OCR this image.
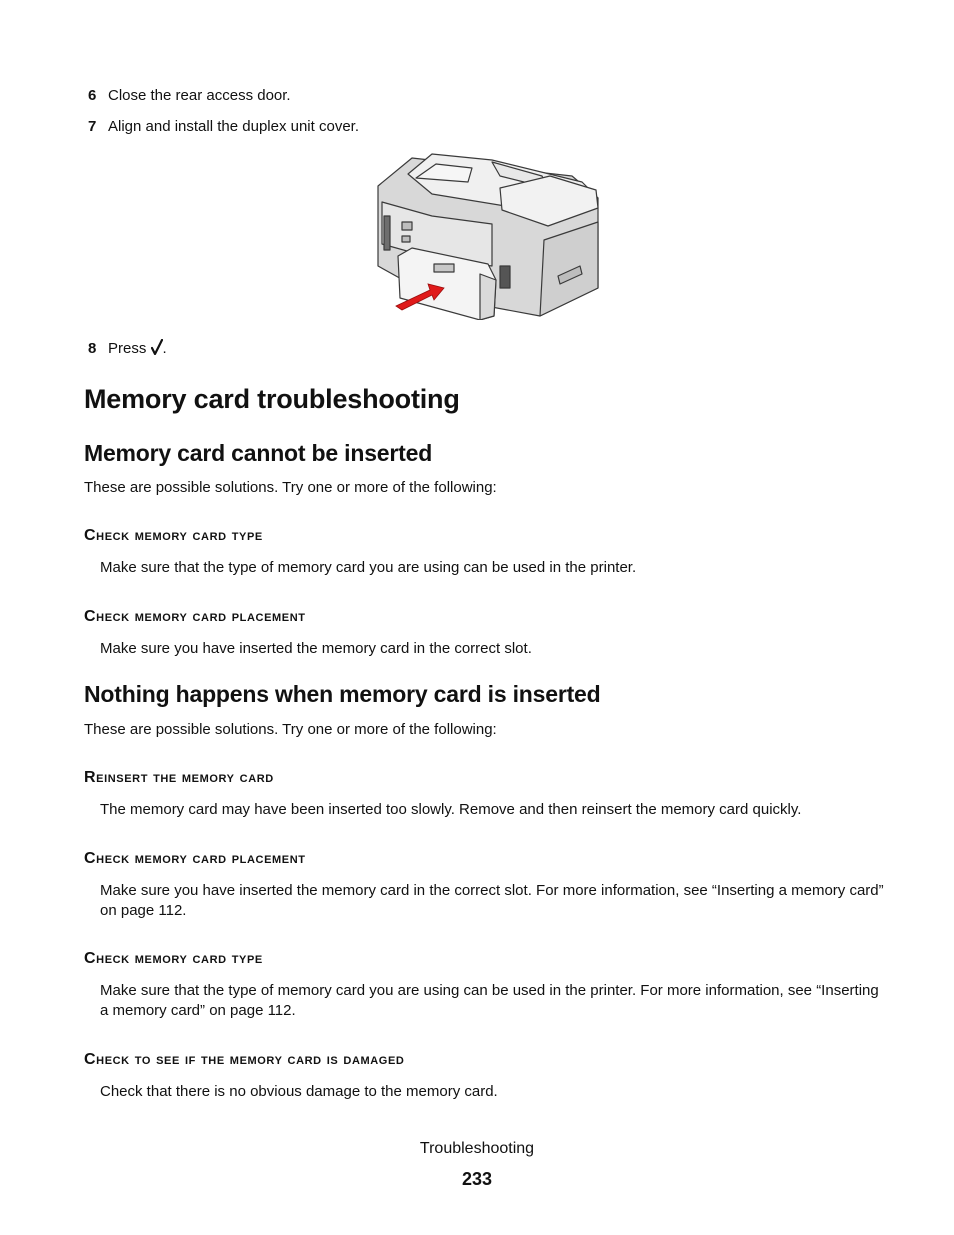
6 Close the rear access door.
7 Align and install the duplex unit cover.
8 Press .
Memory card troubleshooting
Memory card cannot be inserted

These are possible solutions. Try one or more of the following:

Check memory card type

Make sure that the type of memory card you are using can be used in the printer.

Check memory card placement

Make sure you have inserted the memory card in the correct slot.

Nothing happens when memory card is inserted

These are possible solutions. Try one or more of the following:

Reinsert the memory card

The memory card may have been inserted too slowly. Remove and then reinsert the memory card quickly.

Check memory card placement

Make sure you have inserted the memory card in the correct slot. For more information, see “Inserting a memory card” on page 112.

Check memory card type

Make sure that the type of memory card you are using can be used in the printer. For more information, see “Inserting a memory card” on page 112.

Check to see if the memory card is damaged

Check that there is no obvious damage to the memory card.

Troubleshooting
233
